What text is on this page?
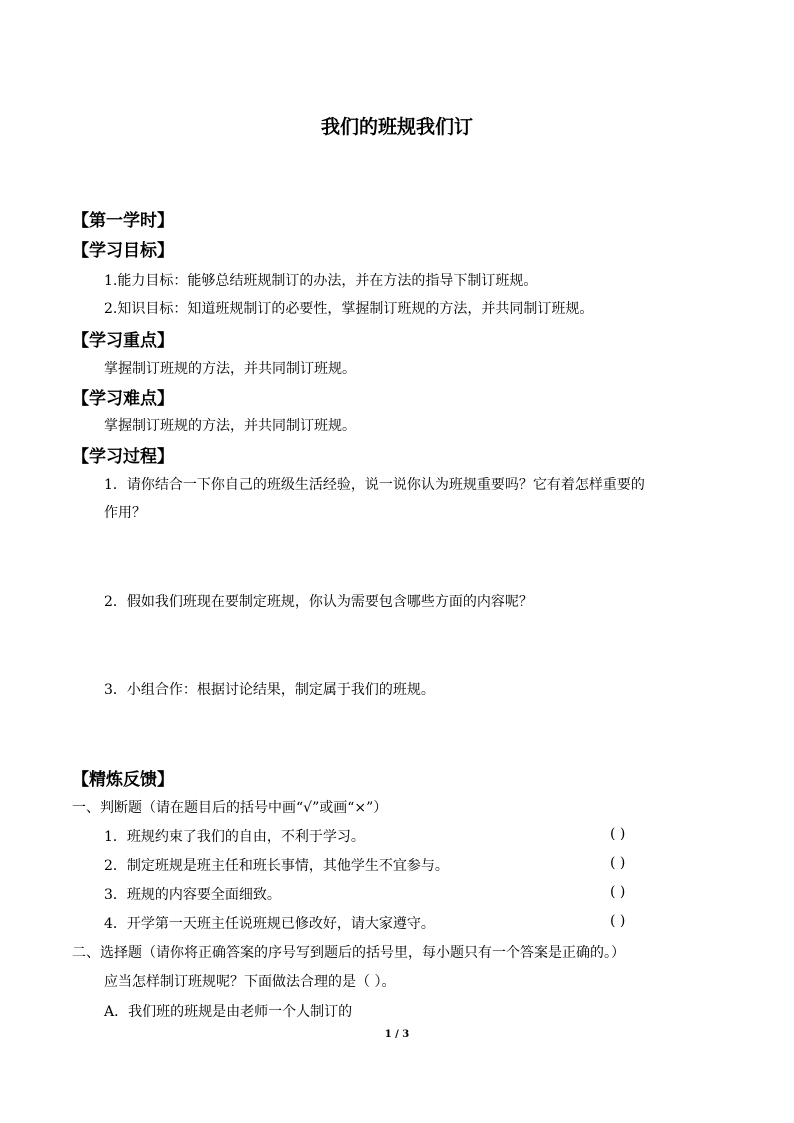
我们的班规我们订
【第一学时】
【学习目标】
1.能力目标：能够总结班规制订的办法，并在方法的指导下制订班规。
2.知识目标：知道班规制订的必要性，掌握制订班规的方法，并共同制订班规。
【学习重点】
掌握制订班规的方法，并共同制订班规。
【学习难点】
掌握制订班规的方法，并共同制订班规。
【学习过程】
1．请你结合一下你自己的班级生活经验，说一说你认为班规重要吗？它有着怎样重要的
作用？
2．假如我们班现在要制定班规，你认为需要包含哪些方面的内容呢？
3．小组合作：根据讨论结果，制定属于我们的班规。
【精炼反馈】
一、判断题（请在题目后的括号中画“√”或画“×”）
1．班规约束了我们的自由，不利于学习。	( )
2．制定班规是班主任和班长事情，其他学生不宜参与。	( )
3．班规的内容要全面细致。	( )
4．开学第一天班主任说班规已修改好，请大家遵守。	( )
二、选择题（请你将正确答案的序号写到题后的括号里，每小题只有一个答案是正确的。）
应当怎样制订班规呢？下面做法合理的是（ ）。
A．我们班的班规是由老师一个人制订的
1 / 3
